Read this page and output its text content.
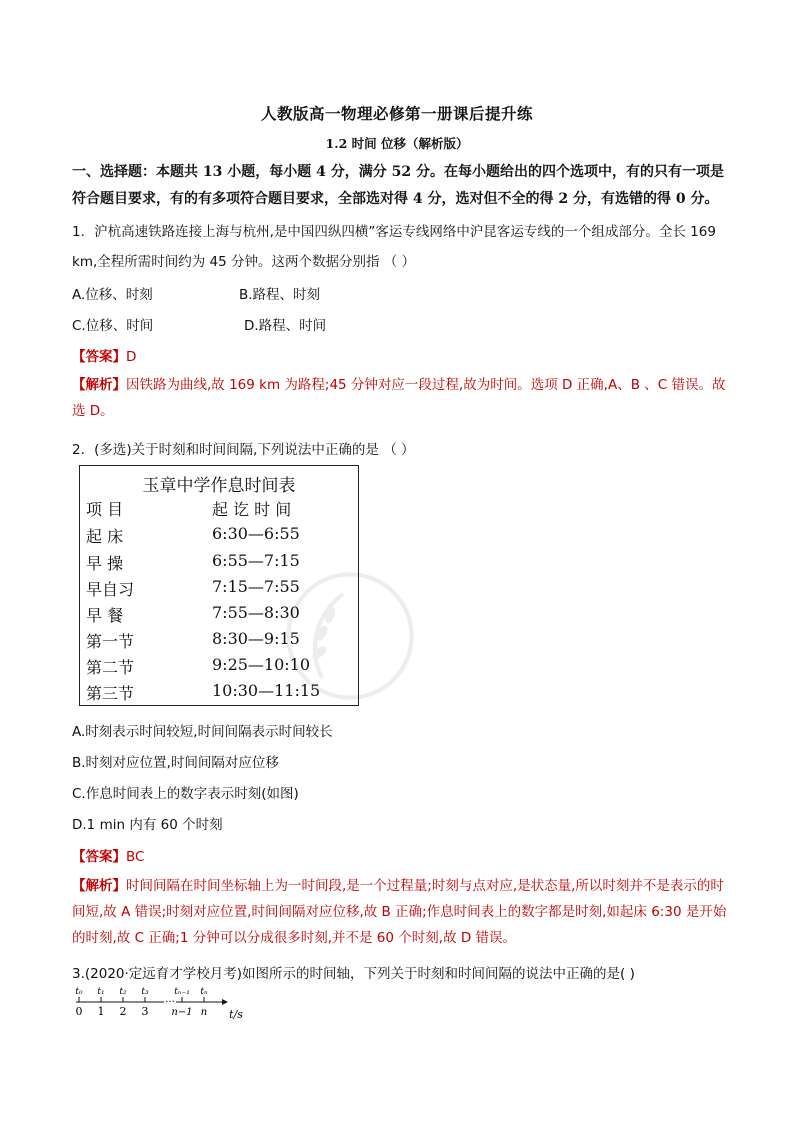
人教版高一物理必修第一册课后提升练
1.2 时间 位移（解析版）
一、选择题：本题共 13 小题，每小题 4 分，满分 52 分。在每小题给出的四个选项中，有的只有一项是符合题目要求，有的有多项符合题目要求，全部选对得 4 分，选对但不全的得 2 分，有选错的得 0 分。
1．沪杭高速铁路连接上海与杭州,是中国四纵四横”客运专线网络中沪昆客运专线的一个组成部分。全长 169
km,全程所需时间约为 45 分钟。这两个数据分别指 （ ）
A.位移、时刻	B.路程、时刻
C.位移、时间	D.路程、时间
【答案】D
【解析】因铁路为曲线,故 169 km 为路程;45 分钟对应一段过程,故为时间。选项 D 正确,A、B 、C 错误。故选 D。
2．(多选)关于时刻和时间间隔,下列说法中正确的是 （ ）
玉章中学作息时间表
项 目	起 讫 时 间
起 床	6:30—6:55
早 操	6:55—7:15
早自习	7:15—7:55
早 餐	7:55—8:30
第一节	8:30—9:15
第二节	9:25—10:10
第三节	10:30—11:15
A.时刻表示时间较短,时间间隔表示时间较长
B.时刻对应位置,时间间隔对应位移
C.作息时间表上的数字表示时刻(如图)
D.1 min 内有 60 个时刻
【答案】BC
【解析】时间间隔在时间坐标轴上为一时间段,是一个过程量;时刻与点对应,是状态量,所以时刻并不是表示的时间短,故 A 错误;时刻对应位置,时间间隔对应位移,故 B 正确;作息时间表上的数字都是时刻,如起床 6:30 是开始的时刻,故 C 正确;1 分钟可以分成很多时刻,并不是 60 个时刻,故 D 错误。
3.(2020·定远育才学校月考)如图所示的时间轴，下列关于时刻和时间间隔的说法中正确的是( )
t₀ t₁ t₂ t₃	tₙ₋₁ tₙ
···
0 1 2 3 n−1 n t/s
